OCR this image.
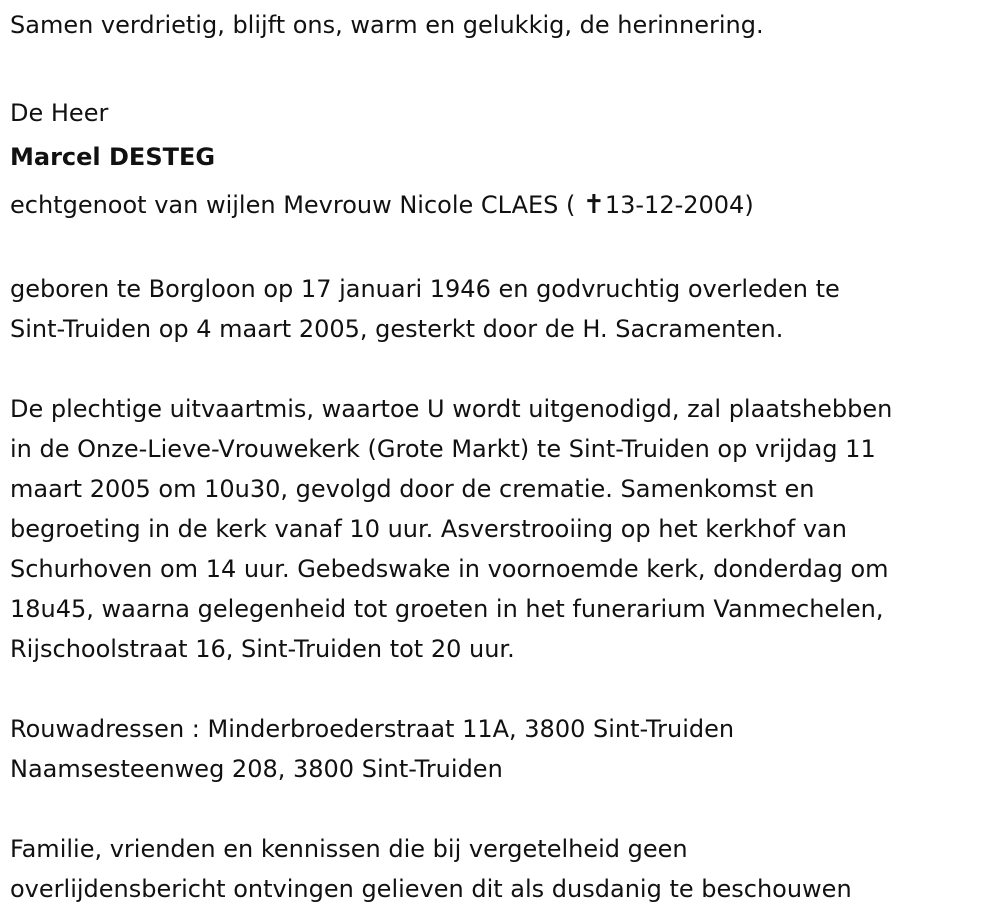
Samen verdrietig, blijft ons, warm en gelukkig, de herinnering.
De Heer
Marcel DESTEG
echtgenoot van wijlen Mevrouw Nicole CLAES ( ✝13-12-2004)
geboren te Borgloon op 17 januari 1946 en godvruchtig overleden te
Sint-Truiden op 4 maart 2005, gesterkt door de H. Sacramenten.
De plechtige uitvaartmis, waartoe U wordt uitgenodigd, zal plaatshebben
in de Onze-Lieve-Vrouwekerk (Grote Markt) te Sint-Truiden op vrijdag 11
maart 2005 om 10u30, gevolgd door de crematie. Samenkomst en
begroeting in de kerk vanaf 10 uur. Asverstrooiing op het kerkhof van
Schurhoven om 14 uur. Gebedswake in voornoemde kerk, donderdag om
18u45, waarna gelegenheid tot groeten in het funerarium Vanmechelen,
Rijschoolstraat 16, Sint-Truiden tot 20 uur.
Rouwadressen : Minderbroederstraat 11A, 3800 Sint-Truiden
Naamsesteenweg 208, 3800 Sint-Truiden
Familie, vrienden en kennissen die bij vergetelheid geen
overlijdensbericht ontvingen gelieven dit als dusdanig te beschouwen
